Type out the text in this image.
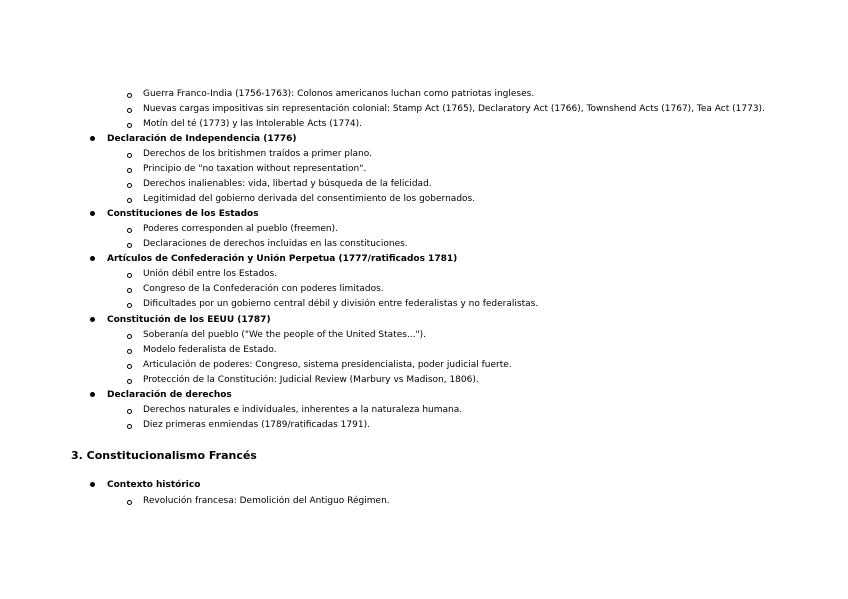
Guerra Franco-India (1756-1763): Colonos americanos luchan como patriotas ingleses.
Nuevas cargas impositivas sin representación colonial: Stamp Act (1765), Declaratory Act (1766), Townshend Acts (1767), Tea Act (1773).
Motín del té (1773) y las Intolerable Acts (1774).
Declaración de Independencia (1776)
Derechos de los britishmen traídos a primer plano.
Principio de "no taxation without representation".
Derechos inalienables: vida, libertad y búsqueda de la felicidad.
Legitimidad del gobierno derivada del consentimiento de los gobernados.
Constituciones de los Estados
Poderes corresponden al pueblo (freemen).
Declaraciones de derechos incluidas en las constituciones.
Artículos de Confederación y Unión Perpetua (1777/ratificados 1781)
Unión débil entre los Estados.
Congreso de la Confederación con poderes limitados.
Dificultades por un gobierno central débil y división entre federalistas y no federalistas.
Constitución de los EEUU (1787)
Soberanía del pueblo ("We the people of the United States...").
Modelo federalista de Estado.
Articulación de poderes: Congreso, sistema presidencialista, poder judicial fuerte.
Protección de la Constitución: Judicial Review (Marbury vs Madison, 1806).
Declaración de derechos
Derechos naturales e individuales, inherentes a la naturaleza humana.
Diez primeras enmiendas (1789/ratificadas 1791).
3. Constitucionalismo Francés
Contexto histórico
Revolución francesa: Demolición del Antiguo Régimen.
